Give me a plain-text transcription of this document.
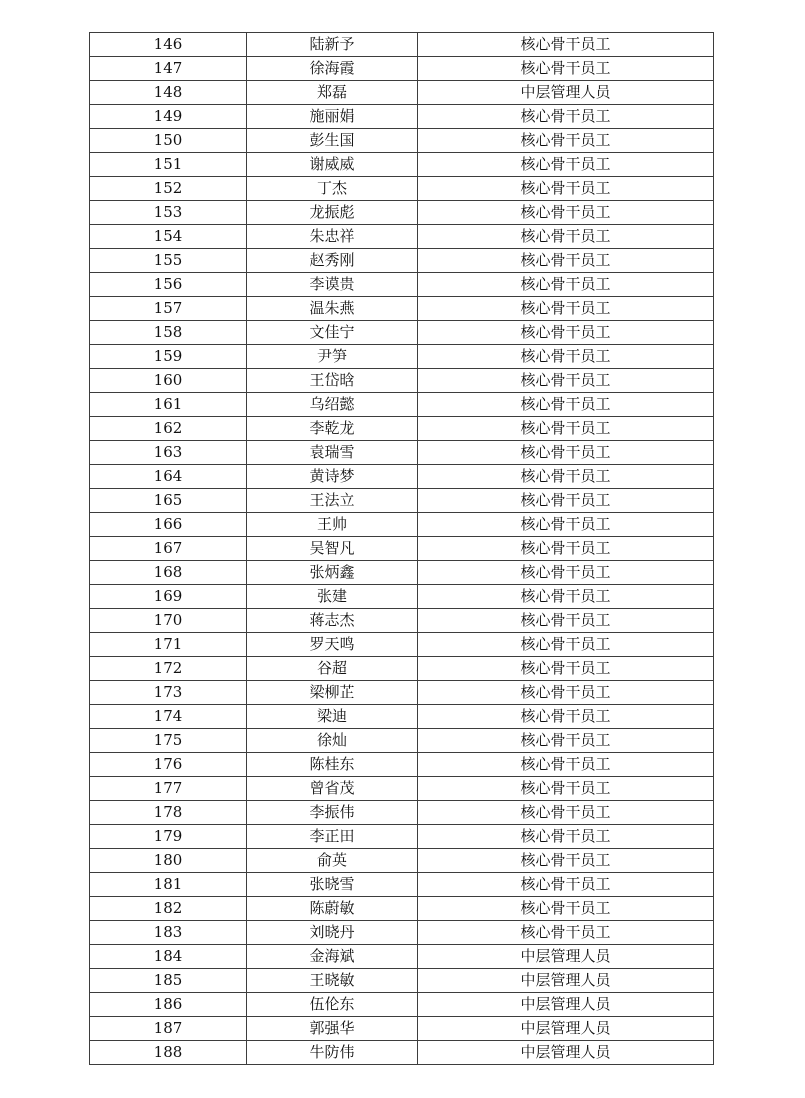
146	陆新予	核心骨干员工
147	徐海霞	核心骨干员工
148	郑磊	中层管理人员
149	施丽娟	核心骨干员工
150	彭生国	核心骨干员工
151	谢威威	核心骨干员工
152	丁杰	核心骨干员工
153	龙振彪	核心骨干员工
154	朱忠祥	核心骨干员工
155	赵秀刚	核心骨干员工
156	李谟贵	核心骨干员工
157	温朱燕	核心骨干员工
158	文佳宁	核心骨干员工
159	尹笋	核心骨干员工
160	王岱晗	核心骨干员工
161	乌绍懿	核心骨干员工
162	李乾龙	核心骨干员工
163	袁瑞雪	核心骨干员工
164	黄诗梦	核心骨干员工
165	王法立	核心骨干员工
166	王帅	核心骨干员工
167	吴智凡	核心骨干员工
168	张炳鑫	核心骨干员工
169	张建	核心骨干员工
170	蒋志杰	核心骨干员工
171	罗天鸣	核心骨干员工
172	谷超	核心骨干员工
173	梁柳芷	核心骨干员工
174	梁迪	核心骨干员工
175	徐灿	核心骨干员工
176	陈桂东	核心骨干员工
177	曾省茂	核心骨干员工
178	李振伟	核心骨干员工
179	李正田	核心骨干员工
180	俞英	核心骨干员工
181	张晓雪	核心骨干员工
182	陈蔚敏	核心骨干员工
183	刘晓丹	核心骨干员工
184	金海斌	中层管理人员
185	王晓敏	中层管理人员
186	伍伦东	中层管理人员
187	郭强华	中层管理人员
188	牛防伟	中层管理人员
